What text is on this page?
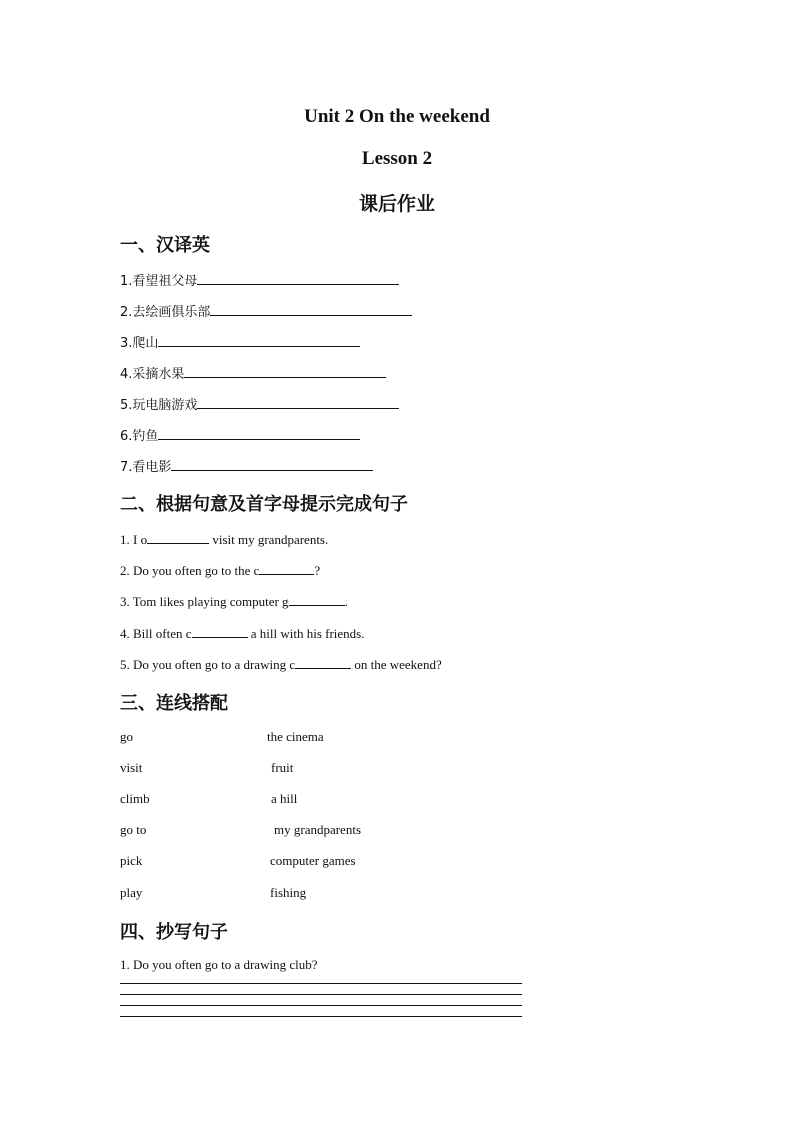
Unit 2 On the weekend
Lesson 2
课后作业
一、汉译英
1.看望祖父母
2.去绘画俱乐部
3.爬山
4.采摘水果
5.玩电脑游戏
6.钓鱼
7.看电影
二、根据句意及首字母提示完成句子
1. I o	visit my grandparents.
2. Do you often go to the c	?
3. Tom likes playing computer g	.
4. Bill often c	a hill with his friends.
5. Do you often go to a drawing c	on the weekend?
三、连线搭配
go	the cinema
visit	fruit
climb	a hill
go to	my grandparents
pick	computer games
play	fishing
四、抄写句子
1. Do you often go to a drawing club?
